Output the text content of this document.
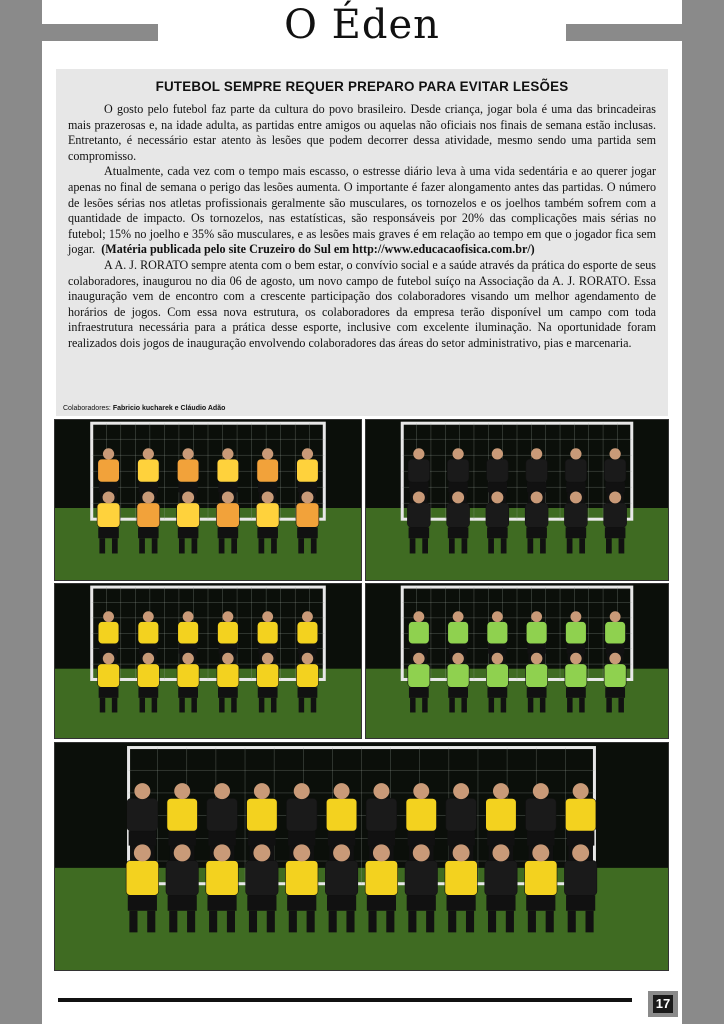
O Éden
FUTEBOL SEMPRE REQUER PREPARO PARA EVITAR LESÕES

O gosto pelo futebol faz parte da cultura do povo brasileiro. Desde criança, jogar bola é uma das brincadeiras mais prazerosas e, na idade adulta, as partidas entre amigos ou aquelas não oficiais nos finais de semana estão inclusas. Entretanto, é necessário estar atento às lesões que podem decorrer dessa atividade, mesmo sendo uma partida sem compromisso.

Atualmente, cada vez com o tempo mais escasso, o estresse diário leva à uma vida sedentária e ao querer jogar apenas no final de semana o perigo das lesões aumenta. O importante é fazer alongamento antes das partidas. O número de lesões sérias nos atletas profissionais geralmente são musculares, os tornozelos e os joelhos também sofrem com a quantidade de impacto. Os tornozelos, nas estatísticas, são responsáveis por 20% das complicações mais sérias no futebol; 15% no joelho e 35% são musculares, e as lesões mais graves é em relação ao tempo em que o jogador fica sem jogar. (Matéria publicada pelo site Cruzeiro do Sul em http://www.educacaofisica.com.br/)

A A. J. RORATO sempre atenta com o bem estar, o convívio social e a saúde através da prática do esporte de seus colaboradores, inaugurou no dia 06 de agosto, um novo campo de futebol suíço na Associação da A. J. RORATO. Essa inauguração vem de encontro com a crescente participação dos colaboradores visando um melhor agendamento de horários de jogos. Com essa nova estrutura, os colaboradores da empresa terão disponível um campo com toda infraestrutura necessária para a prática desse esporte, inclusive com excelente iluminação. Na oportunidade foram realizados dois jogos de inauguração envolvendo colaboradores das áreas do setor administrativo, pias e marcenaria.

Colaboradores: Fabricio kucharek e Cláudio Adão
17
